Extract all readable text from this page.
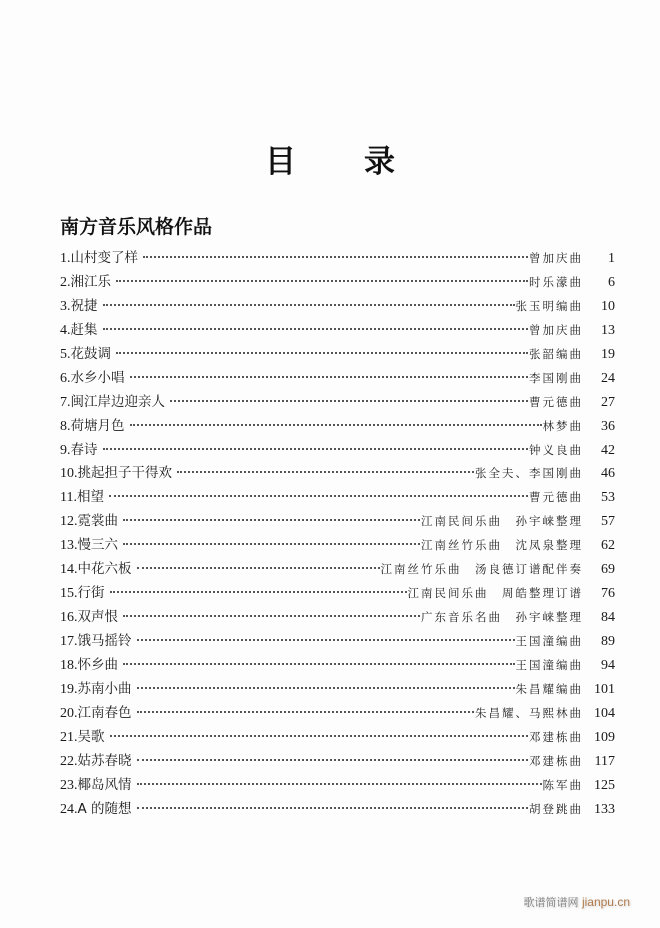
目 录
南方音乐风格作品
1. 山村变了样	曾加庆曲	1
2. 湘江乐	时乐濛曲	6
3. 祝捷	张玉明编曲	10
4. 赶集	曾加庆曲	13
5. 花鼓调	张韶编曲	19
6. 水乡小唱	李国刚曲	24
7. 闽江岸边迎亲人	曹元德曲	27
8. 荷塘月色	林梦曲	36
9. 春诗	钟义良曲	42
10. 挑起担子干得欢	张全夫、李国刚曲	46
11. 相望	曹元德曲	53
12. 霓裳曲	江南民间乐曲　孙宇崃整理	57
13. 慢三六	江南丝竹乐曲　沈凤泉整理	62
14. 中花六板	江南丝竹乐曲　汤良德订谱配伴奏	69
15. 行街	江南民间乐曲　周皓整理订谱	76
16. 双声恨	广东音乐名曲　孙宇崃整理	84
17. 饿马摇铃	王国潼编曲	89
18. 怀乡曲	王国潼编曲	94
19. 苏南小曲	朱昌耀编曲 101
20. 江南春色	朱昌耀、马熙林曲 104
21. 吴歌	邓建栋曲 109
22. 姑苏春晓	邓建栋曲 117
23. 椰岛风情	陈军曲 125
24. A 的随想	胡登跳曲 133
歌谱简谱网 jianpu.cn
